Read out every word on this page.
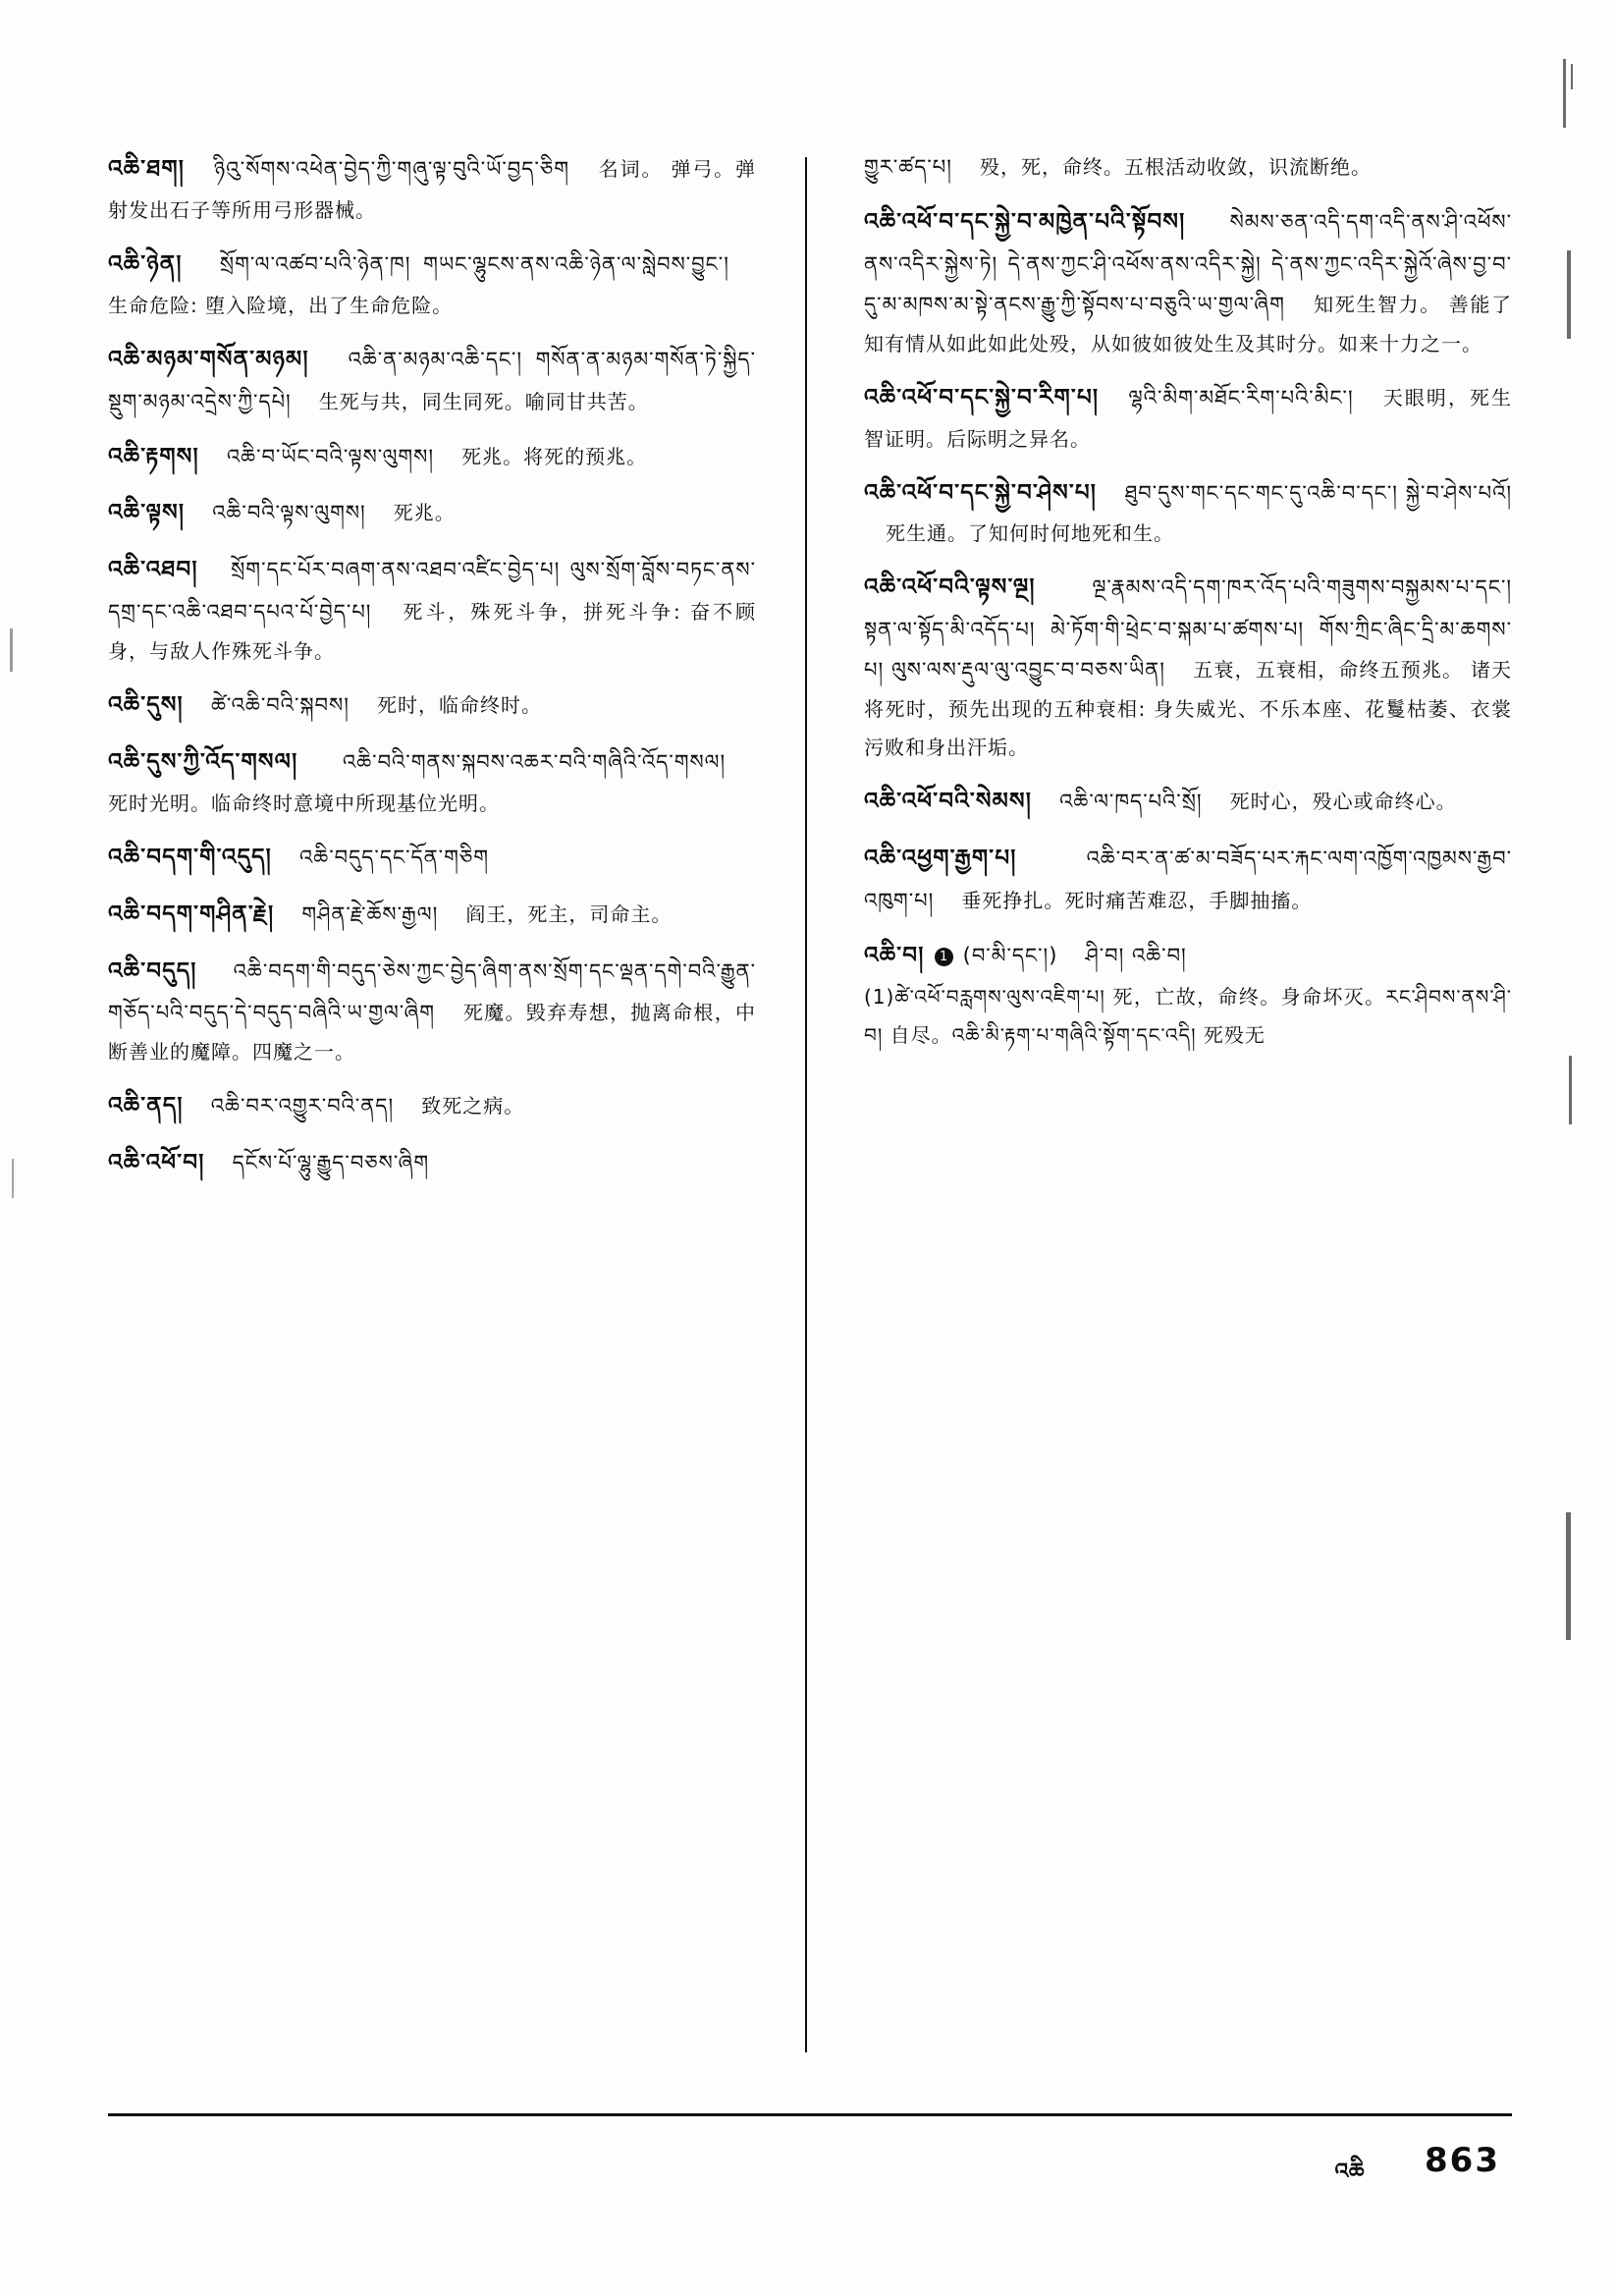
འཆི་ཐག། ཉིའུ་སོགས་འཕེན་བྱེད་ཀྱི་གཞུ་ལྟ་བུའི་ཡོ་བྱད་ཅིག 名词。 弹弓。弹射发出石子等所用弓形器械。
འཆི་ཉེན། སྲོག་ལ་འཚབ་པའི་ཉེན་ཁ། གཡང་ལྷུངས་ནས་འཆི་ཉེན་ལ་སླེབས་བྱུང་།  生命危险: 堕入险境，出了生命危险。
འཆི་མཉམ་གསོན་མཉམ། འཆི་ན་མཉམ་འཆི་དང་། གསོན་ན་མཉམ་གསོན་ཏེ་སྐྱིད་སྡུག་མཉམ་འདྲེས་ཀྱི་དཔེ། 生死与共，同生同死。喻同甘共苦。
འཆི་རྟགས། འཆི་བ་ཡོང་བའི་ལྟས་ལུགས། 死兆。将死的预兆。
འཆི་ལྟས། འཆི་བའི་ལྟས་ལུགས། 死兆。
འཆི་འཐབ། སྲོག་དང་པོར་བཞག་ནས་འཐབ་འཛིང་བྱེད་པ། ལུས་སྲོག་བློས་བཏང་ནས་དགྲ་དང་འཆི་འཐབ་དཔའ་པོ་བྱེད་པ། 死斗，殊死斗争，拼死斗争: 奋不顾身，与敌人作殊死斗争。
འཆི་དུས། ཚེ་འཆི་བའི་སྐབས། 死时，临命终时。
འཆི་དུས་ཀྱི་འོད་གསལ། འཆི་བའི་གནས་སྐབས་འཆར་བའི་གཞིའི་འོད་གསལ།  死时光明。临命终时意境中所现基位光明。
འཆི་བདག་གི་འདུད། འཆི་བདུད་དང་དོན་གཅིག
འཆི་བདག་གཤིན་རྗེ། གཤིན་རྗེ་ཆོས་རྒྱལ། 阎王，死主，司命主。
འཆི་བདུད། འཆི་བདག་གི་བདུད་ཅེས་ཀྱང་བྱེད་ཞིག་ནས་སྲོག་དང་ལྡན་དགེ་བའི་རྒྱུན་གཅོད་པའི་བདུད་དེ་བདུད་བཞིའི་ཡ་གྱལ་ཞིག 死魔。毁弃寿想，抛离命根，中断善业的魔障。四魔之一。
འཆི་ནད། འཆི་བར་འགྱུར་བའི་ནད། 致死之病。
འཆི་འཕོ་བ། དངོས་པོ་ལྷུ་རྒྱུད་བཅས་ཞིག
གྱུར་ཚད་པ། 殁，死，命终。五根活动收敛，识流断绝。
འཆི་འཕོ་བ་དང་སྐྱེ་བ་མཁྱེན་པའི་སྟོབས། སེམས་ཅན་འདི་དག་འདི་ནས་ཤི་འཕོས་ནས་འདིར་སྐྱེས་ཏེ། དེ་ནས་ཀྱང་ཤི་འཕོས་ནས་འདིར་སྐྱེ། དེ་ནས་ཀྱང་འདིར་སྐྱེའོ་ཞེས་བྱ་བ་དུ་མ་མཁས་མ་སྟེ་ནངས་རྒྱུ་ཀྱི་སྟོབས་པ་བཅུའི་ཡ་གྱལ་ཞིག 知死生智力。 善能了知有情从如此如此处殁，从如彼如彼处生及其时分。如来十力之一。
འཆི་འཕོ་བ་དང་སྐྱེ་བ་རིག་པ། ལྷའི་མིག་མཐོང་རིག་པའི་མིང་། 天眼明，死生智证明。后际明之异名。
འཆི་འཕོ་བ་དང་སྐྱེ་བ་ཤེས་པ། ཐུབ་དུས་གང་དང་གང་དུ་འཆི་བ་དང་། སྐྱེ་བ་ཤེས་པའོ།  死生通。了知何时何地死和生。
འཆི་འཕོ་བའི་ལྟས་ལྔ།	ལྔ་རྣམས་འདི་དག་ཁར་འོད་པའི་གཟུགས་བསྐྱམས་པ་དང་། སྟན་ལ་སྟོད་མི་འདོད་པ། མེ་ཏོག་གི་ཕྲེང་བ་སྐམ་པ་ཚགས་པ། གོས་ཀྲིང་ཞིང་དྲི་མ་ཆགས་པ། ལུས་ལས་རྡུལ་ལུ་འབྱུང་བ་བཅས་ཡིན། 五衰，五衰相，命终五预兆。 诸天将死时，预先出现的五种衰相: 身失威光、不乐本座、花鬘枯萎、衣裳污败和身出汗垢。
འཆི་འཕོ་བའི་སེམས། འཆི་ལ་ཁད་པའི་སྲོ། 死时心，殁心或命终心。
འཆི་འཕྱག་རྒྱག་པ།	འཆི་བར་ན་ཚ་མ་བཟོད་པར་རྐང་ལག་འཁྱོག་འཁྱམས་རྒྱབ་འཁུག་པ། 垂死挣扎。死时痛苦难忍，手脚抽搐。
འཆི་བ། 1 (བ་མི་དང་།) ཤི་བ། འཆི་བ།
(1)ཚེ་འཕོ་བརླགས་ལུས་འཇིག་པ། 死，亡故，命终。身命坏灭。རང་ཤིབས་ནས་ཤི་བ། 自尽。འཆི་མི་རྟག་པ་གཞིའི་སྟོག་དང་འདི། 死殁无
འཆི 863
